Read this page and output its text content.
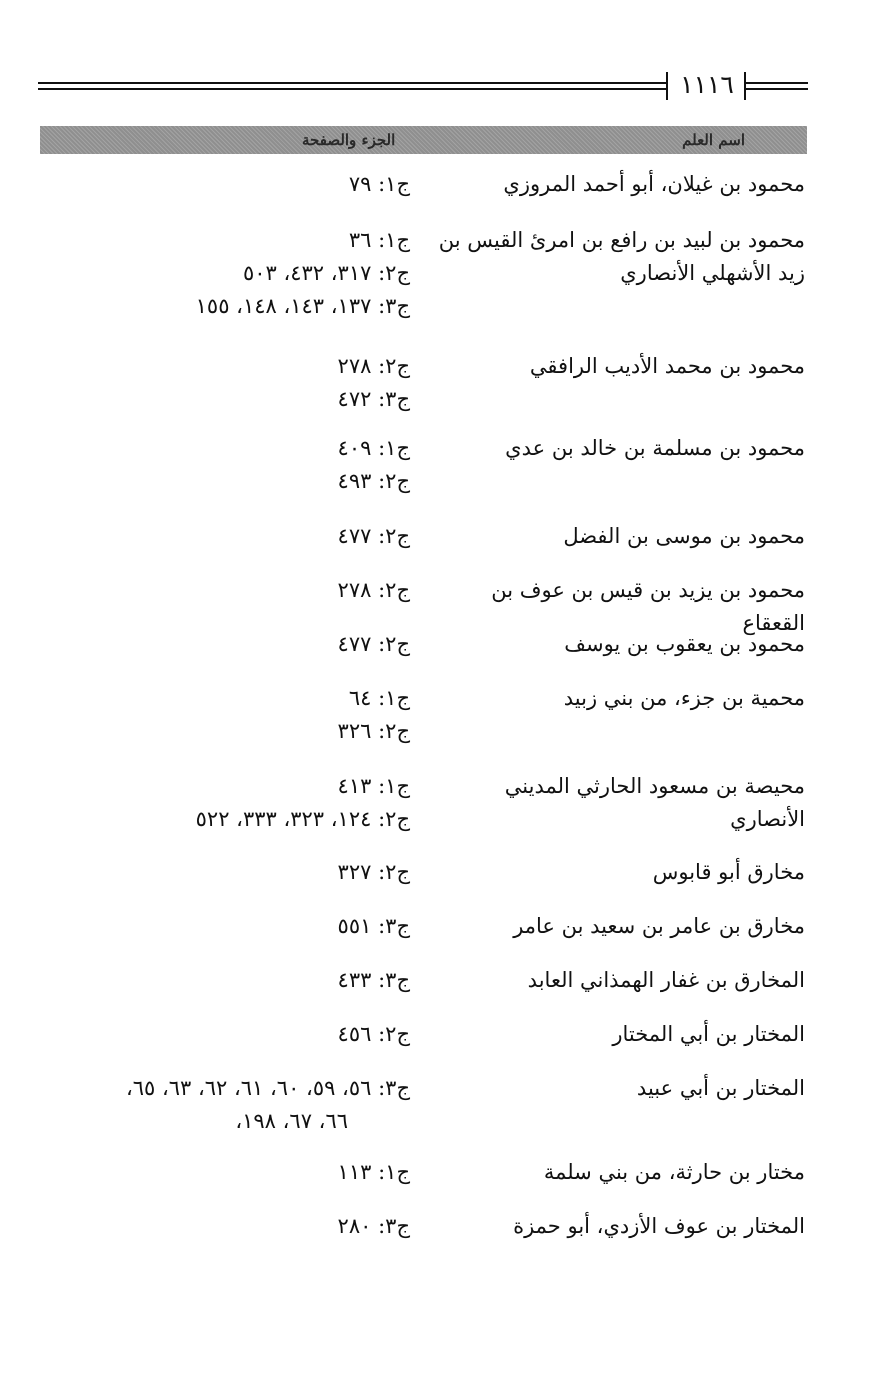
١١١٦
اسم العلم
الجزء والصفحة
محمود بن غيلان، أبو أحمد المروزي
ج١: ٧٩
محمود بن لبيد بن رافع بن امرئ القيس بن زيد الأشهلي الأنصاري
ج١: ٣٦
ج٢: ٣١٧، ٤٣٢، ٥٠٣
ج٣: ١٣٧، ١٤٣، ١٤٨، ١٥٥
محمود بن محمد الأديب الرافقي
ج٢: ٢٧٨
ج٣: ٤٧٢
محمود بن مسلمة بن خالد بن عدي
ج١: ٤٠٩
ج٢: ٤٩٣
محمود بن موسى بن الفضل
ج٢: ٤٧٧
محمود بن يزيد بن قيس بن عوف بن القعقاع
ج٢: ٢٧٨
محمود بن يعقوب بن يوسف
ج٢: ٤٧٧
محمية بن جزء، من بني زبيد
ج١: ٦٤
ج٢: ٣٢٦
محيصة بن مسعود الحارثي المديني الأنصاري
ج١: ٤١٣
ج٢: ١٢٤، ٣٢٣، ٣٣٣، ٥٢٢
مخارق أبو قابوس
ج٢: ٣٢٧
مخارق بن عامر بن سعيد بن عامر
ج٣: ٥٥١
المخارق بن غفار الهمذاني العابد
ج٣: ٤٣٣
المختار بن أبي المختار
ج٢: ٤٥٦
المختار بن أبي عبيد
ج٣: ٥٦، ٥٩، ٦٠، ٦١، ٦٢، ٦٣، ٦٥،
٦٦، ٦٧، ١٩٨،
مختار بن حارثة، من بني سلمة
ج١: ١١٣
المختار بن عوف الأزدي، أبو حمزة
ج٣: ٢٨٠
